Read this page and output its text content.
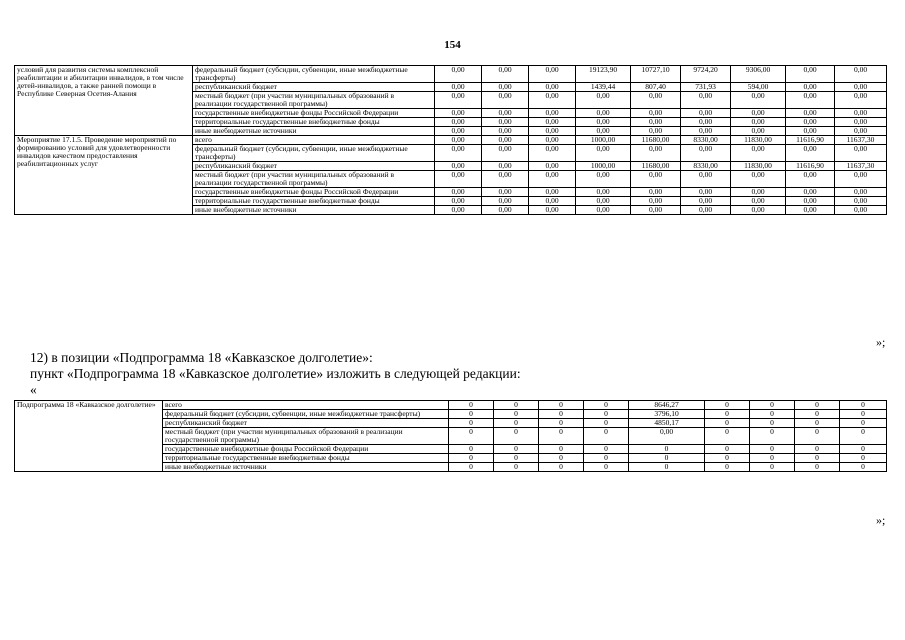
154
условий для развития системы комплексной реабилитации и абилитации инвалидов, в том числе детей-инвалидов, а также ранней помощи в Республике Северная Осетия-Алания	федеральный бюджет (субсидии, субвенции, иные межбюджетные трансферты)	0,00	0,00	0,00	19123,90	10727,10	9724,20	9306,00	0,00	0,00
	республиканский бюджет	0,00	0,00	0,00	1439,44	807,40	731,93	594,00	0,00	0,00
	местный бюджет (при участии муниципальных образований в реализации государственной программы)	0,00	0,00	0,00	0,00	0,00	0,00	0,00	0,00	0,00
	государственные внебюджетные фонды Российской Федерации	0,00	0,00	0,00	0,00	0,00	0,00	0,00	0,00	0,00
	территориальные государственные внебюджетные фонды	0,00	0,00	0,00	0,00	0,00	0,00	0,00	0,00	0,00
	иные внебюджетные источники	0,00	0,00	0,00	0,00	0,00	0,00	0,00	0,00	0,00
Мероприятие 17.1.5. Проведение мероприятий по формированию условий для удовлетворенности инвалидов качеством предоставления реабилитационных услуг	всего	0,00	0,00	0,00	1000,00	11680,00	8330,00	11830,00	11616,90	11637,30
	федеральный бюджет (субсидии, субвенции, иные межбюджетные трансферты)	0,00	0,00	0,00	0,00	0,00	0,00	0,00	0,00	0,00
	республиканский бюджет	0,00	0,00	0,00	1000,00	11680,00	8330,00	11830,00	11616,90	11637,30
	местный бюджет (при участии муниципальных образований в реализации государственной программы)	0,00	0,00	0,00	0,00	0,00	0,00	0,00	0,00	0,00
	государственные внебюджетные фонды Российской Федерации	0,00	0,00	0,00	0,00	0,00	0,00	0,00	0,00	0,00
	территориальные государственные внебюджетные фонды	0,00	0,00	0,00	0,00	0,00	0,00	0,00	0,00	0,00
	иные внебюджетные источники	0,00	0,00	0,00	0,00	0,00	0,00	0,00	0,00	0,00
»;
12) в позиции «Подпрограмма 18 «Кавказское долголетие»:
пункт «Подпрограмма 18 «Кавказское долголетие» изложить в следующей редакции:
«
Подпрограмма 18 «Кавказское долголетие»	всего	0	0	0	0	8646,27	0	0	0	0
	федеральный бюджет (субсидии, субвенции, иные межбюджетные трансферты)	0	0	0	0	3796,10	0	0	0	0
	республиканский бюджет	0	0	0	0	4850,17	0	0	0	0
	местный бюджет (при участии муниципальных образований в реализации государственной программы)	0	0	0	0	0,00	0	0	0	0
	государственные внебюджетные фонды Российской Федерации	0	0	0	0	0	0	0	0	0
	территориальные государственные внебюджетные фонды	0	0	0	0	0	0	0	0	0
	иные внебюджетные источники	0	0	0	0	0	0	0	0	0
»;
